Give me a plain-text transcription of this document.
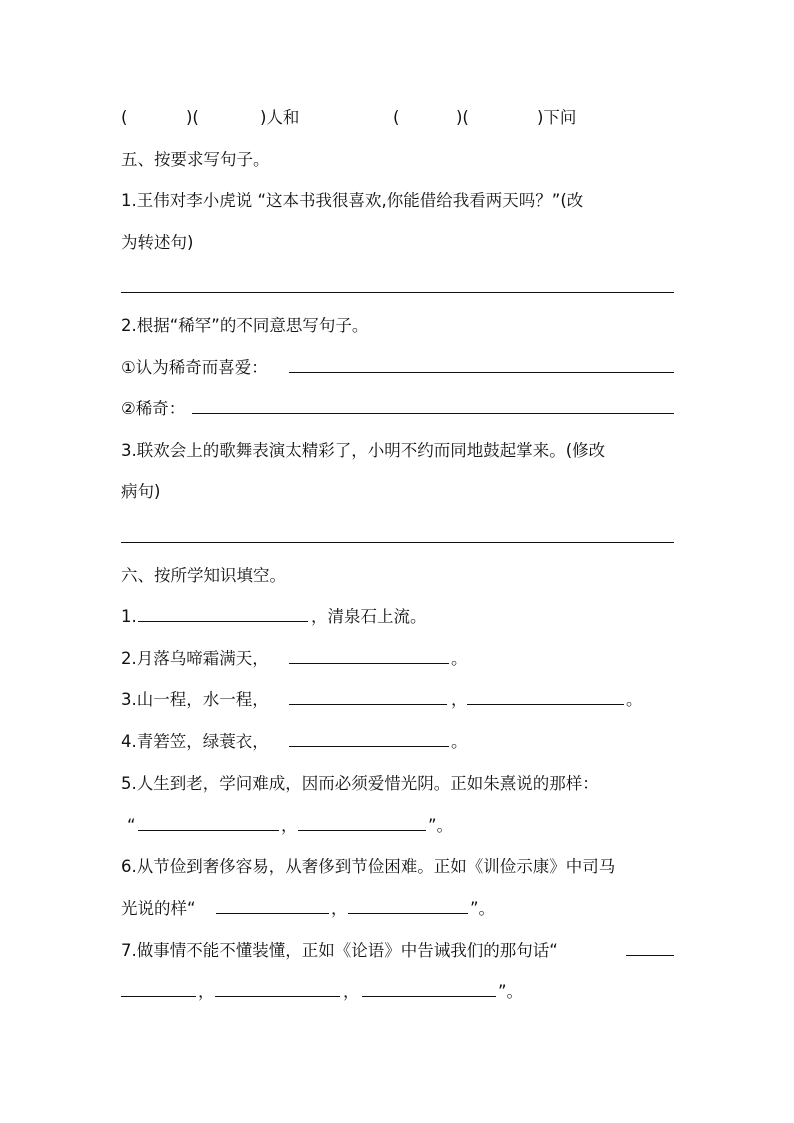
(	)(	)人和	(	)(	)下问
五、按要求写句子。
1.王伟对李小虎说 “这本书我很喜欢,你能借给我看两天吗？”(改
为转述句)
2.根据“稀罕”的不同意思写句子。
①认为稀奇而喜爱：
②稀奇：
3.联欢会上的歌舞表演太精彩了，小明不约而同地鼓起掌来。(修改
病句)
六、按所学知识填空。
1.	，清泉石上流。
2.月落乌啼霜满天，	。
3.山一程，水一程，	，	。
4.青箬笠，绿蓑衣，	。
5.人生到老，学问难成，因而必须爱惜光阴。正如朱熹说的那样：
“	，	”。
6.从节俭到奢侈容易，从奢侈到节俭困难。正如《训俭示康》中司马
光说的样“	，	”。
7.做事情不能不懂装懂，正如《论语》中告诫我们的那句话“
，	，	”。
